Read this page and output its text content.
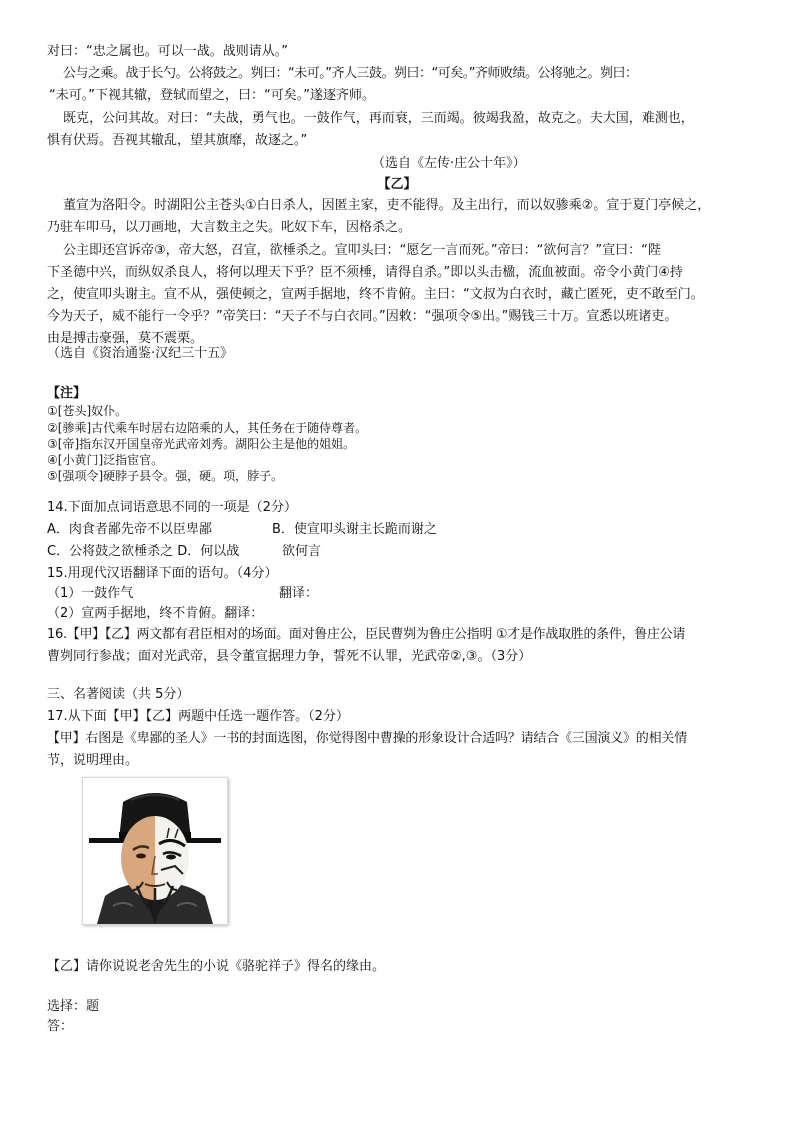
对曰：“忠之属也。可以一战。战则请从。”
公与之乘。战于长勺。公将鼓之。刿曰：“未可。”齐人三鼓。刿曰：“可矣。”齐师败绩。公将驰之。刿曰：
“未可。”下视其辙，登轼而望之，曰：“可矣。”遂逐齐师。
既克，公问其故。对曰：“夫战，勇气也。一鼓作气，再而衰，三而竭。彼竭我盈，故克之。夫大国，难测也，
惧有伏焉。吾视其辙乱，望其旗靡，故逐之。”
（选自《左传·庄公十年》）
【乙】
董宣为洛阳令。时湖阳公主苍头①白日杀人，因匿主家，吏不能得。及主出行，而以奴骖乘②。宣于夏门亭候之，
乃驻车叩马，以刀画地，大言数主之失。叱奴下车，因格杀之。
公主即还宫诉帝③，帝大怒，召宣，欲棰杀之。宣叩头曰：“愿乞一言而死。”帝曰：“欲何言？”宣曰：“陛
下圣德中兴，而纵奴杀良人，将何以理天下乎？臣不须棰，请得自杀。”即以头击楹，流血被面。帝令小黄门④持
之，使宣叩头谢主。宣不从，强使顿之，宣两手据地，终不肯俯。主曰：“文叔为白衣时，藏亡匿死，吏不敢至门。
今为天子，威不能行一令乎？”帝笑曰：“天子不与白衣同。”因敕：“强项令⑤出。”赐钱三十万。宣悉以班诸吏。
由是搏击豪强，莫不震栗。
（选自《资治通鉴·汉纪三十五》
【注】
①[苍头]奴仆。
②[骖乘]古代乘车时居右边陪乘的人，其任务在于随侍尊者。
③[帝]指东汉开国皇帝光武帝刘秀。湖阳公主是他的姐姐。
④[小黄门]泛指宦官。
⑤[强项令]硬脖子县令。强，硬。项，脖子。
14.下面加点词语意思不同的一项是（2分）
A．肉食者鄙先帝不以臣卑鄙	B．使宣叩头谢主长跪而谢之
C．公将鼓之欲棰杀之 D．何以战	欲何言
15.用现代汉语翻译下面的语句。（4分）
（1）一鼓作气	翻译：
（2）宣两手据地，终不肯俯。翻译：
16.【甲】【乙】两文都有君臣相对的场面。面对鲁庄公，臣民曹刿为鲁庄公指明 ①才是作战取胜的条件，鲁庄公请
曹刿同行参战；面对光武帝，县令董宣据理力争，誓死不认罪，光武帝②,③。（3分）
三、名著阅读（共 5分）
17.从下面【甲】【乙】两题中任选一题作答。（2分）
【甲】右图是《卑鄙的圣人》一书的封面选图，你觉得图中曹操的形象设计合适吗？请结合《三国演义》的相关情
节，说明理由。
【乙】请你说说老舍先生的小说《骆驼祥子》得名的缘由。
选择：题
答：
